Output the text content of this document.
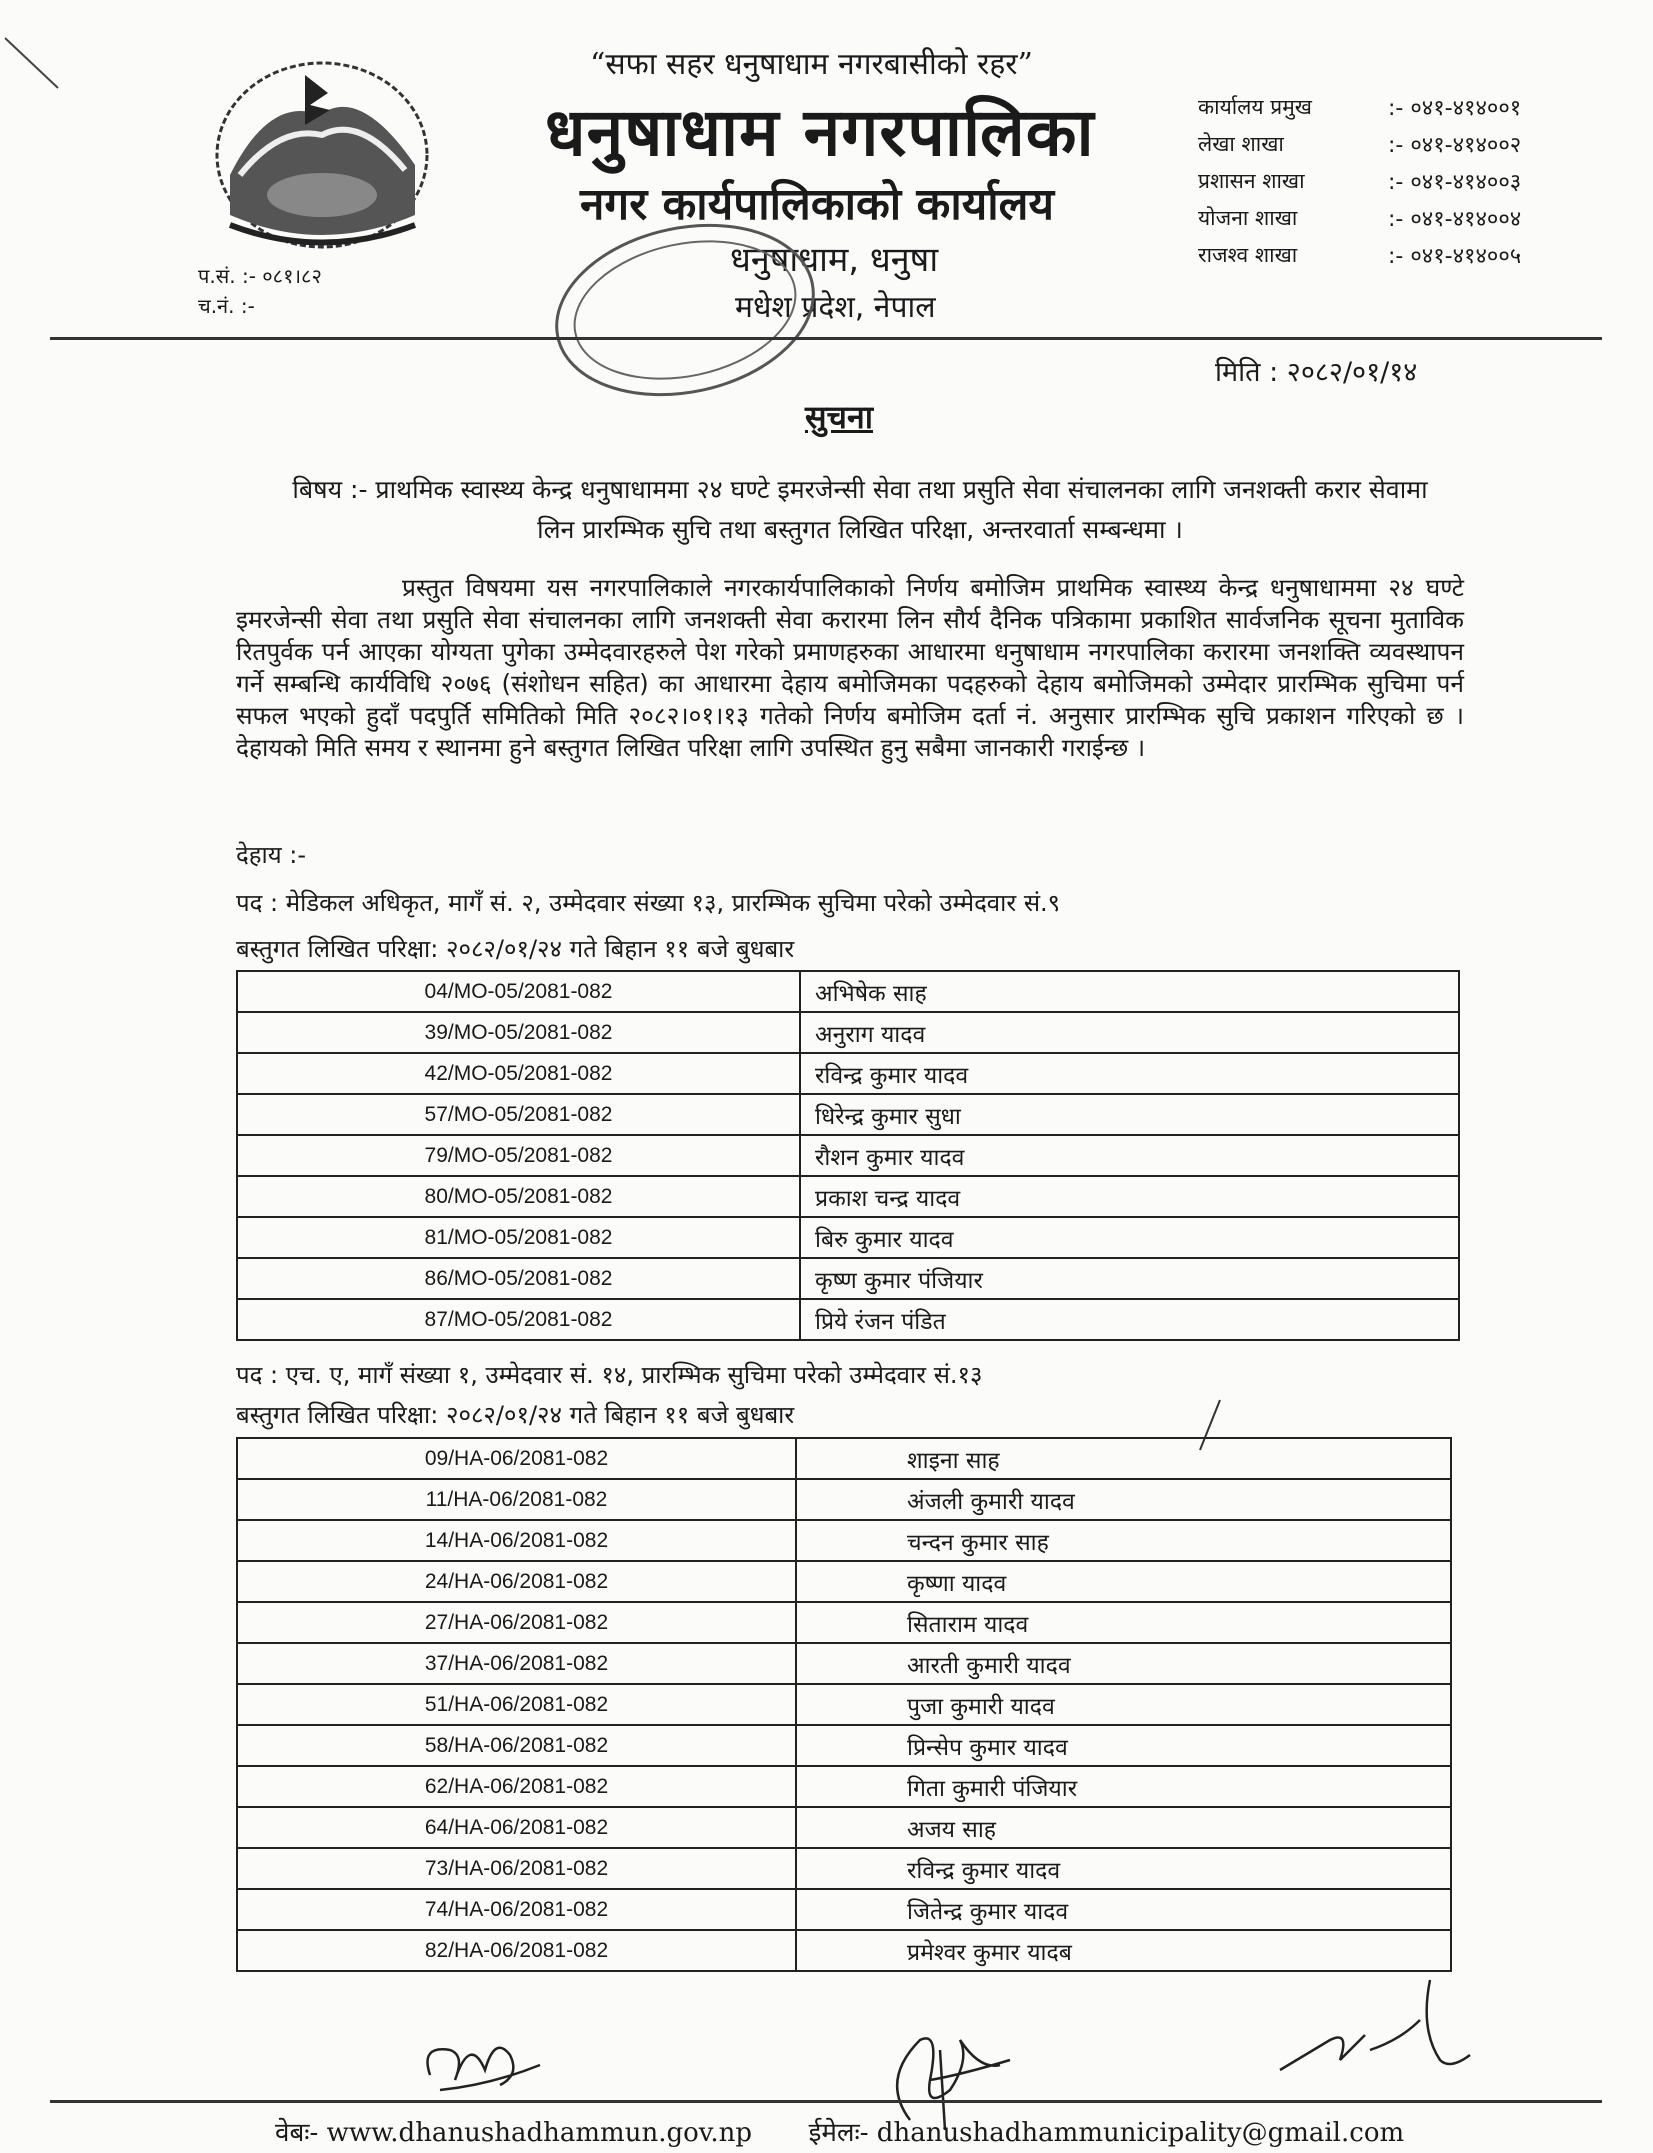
“सफा सहर धनुषाधाम नगरबासीको रहर”
धनुषाधाम नगरपालिका
नगर कार्यपालिकाको कार्यालय
धनुषाधाम, धनुषा
मधेश प्रदेश, नेपाल
प.सं. :- ०८१।८२
च.नं. :-
कार्यालय प्रमुख	:- ०४१-४१४००१
लेखा शाखा	:- ०४१-४१४००२
प्रशासन शाखा	:- ०४१-४१४००३
योजना शाखा	:- ०४१-४१४००४
राजश्व शाखा	:- ०४१-४१४००५
मिति : २०८२/०१/१४
सुचना
बिषय :- प्राथमिक स्वास्थ्य केन्द्र धनुषाधाममा २४ घण्टे इमरजेन्सी सेवा तथा प्रसुति सेवा संचालनका लागि जनशक्ती करार सेवामा लिन प्रारम्भिक सुचि तथा बस्तुगत लिखित परिक्षा, अन्तरवार्ता सम्बन्धमा ।
प्रस्तुत विषयमा यस नगरपालिकाले नगरकार्यपालिकाको निर्णय बमोजिम प्राथमिक स्वास्थ्य केन्द्र धनुषाधाममा २४ घण्टे इमरजेन्सी सेवा तथा प्रसुति सेवा संचालनका लागि जनशक्ती सेवा करारमा लिन सौर्य दैनिक पत्रिकामा प्रकाशित सार्वजनिक सूचना मुताविक रितपुर्वक पर्न आएका योग्यता पुगेका उम्मेदवारहरुले पेश गरेको प्रमाणहरुका आधारमा धनुषाधाम नगरपालिका करारमा जनशक्ति व्यवस्थापन गर्ने सम्बन्धि कार्यविधि २०७६ (संशोधन सहित) का आधारमा देहाय बमोजिमका पदहरुको देहाय बमोजिमको उम्मेदार प्रारम्भिक सुचिमा पर्न सफल भएको हुदाँ पदपुर्ति समितिको मिति २०८२।०१।१३ गतेको निर्णय बमोजिम दर्ता नं. अनुसार प्रारम्भिक सुचि प्रकाशन गरिएको छ । देहायको मिति समय र स्थानमा हुने बस्तुगत लिखित परिक्षा लागि उपस्थित हुनु सबैमा जानकारी गराईन्छ ।
देहाय :-
पद : मेडिकल अधिकृत, मागँ सं. २, उम्मेदवार संख्या १३, प्रारम्भिक सुचिमा परेको उम्मेदवार सं.९
बस्तुगत लिखित परिक्षा: २०८२/०१/२४ गते बिहान ११ बजे बुधबार
04/MO-05/2081-082	अभिषेक साह
39/MO-05/2081-082	अनुराग यादव
42/MO-05/2081-082	रविन्द्र कुमार यादव
57/MO-05/2081-082	धिरेन्द्र कुमार सुधा
79/MO-05/2081-082	रौशन कुमार यादव
80/MO-05/2081-082	प्रकाश चन्द्र यादव
81/MO-05/2081-082	बिरु कुमार यादव
86/MO-05/2081-082	कृष्ण कुमार पंजियार
87/MO-05/2081-082	प्रिये रंजन पंडित
पद : एच. ए, मागँ संख्या १, उम्मेदवार सं. १४, प्रारम्भिक सुचिमा परेको उम्मेदवार सं.१३
बस्तुगत लिखित परिक्षा: २०८२/०१/२४ गते बिहान ११ बजे बुधबार
09/HA-06/2081-082	शाइना साह
11/HA-06/2081-082	अंजली कुमारी यादव
14/HA-06/2081-082	चन्दन कुमार साह
24/HA-06/2081-082	कृष्णा यादव
27/HA-06/2081-082	सिताराम यादव
37/HA-06/2081-082	आरती कुमारी यादव
51/HA-06/2081-082	पुजा कुमारी यादव
58/HA-06/2081-082	प्रिन्सेप कुमार यादव
62/HA-06/2081-082	गिता कुमारी पंजियार
64/HA-06/2081-082	अजय साह
73/HA-06/2081-082	रविन्द्र कुमार यादव
74/HA-06/2081-082	जितेन्द्र कुमार यादव
82/HA-06/2081-082	प्रमेश्वर कुमार यादब
वेबः- www.dhanushadhammun.gov.np ईमेलः- dhanushadhammunicipality@gmail.com
